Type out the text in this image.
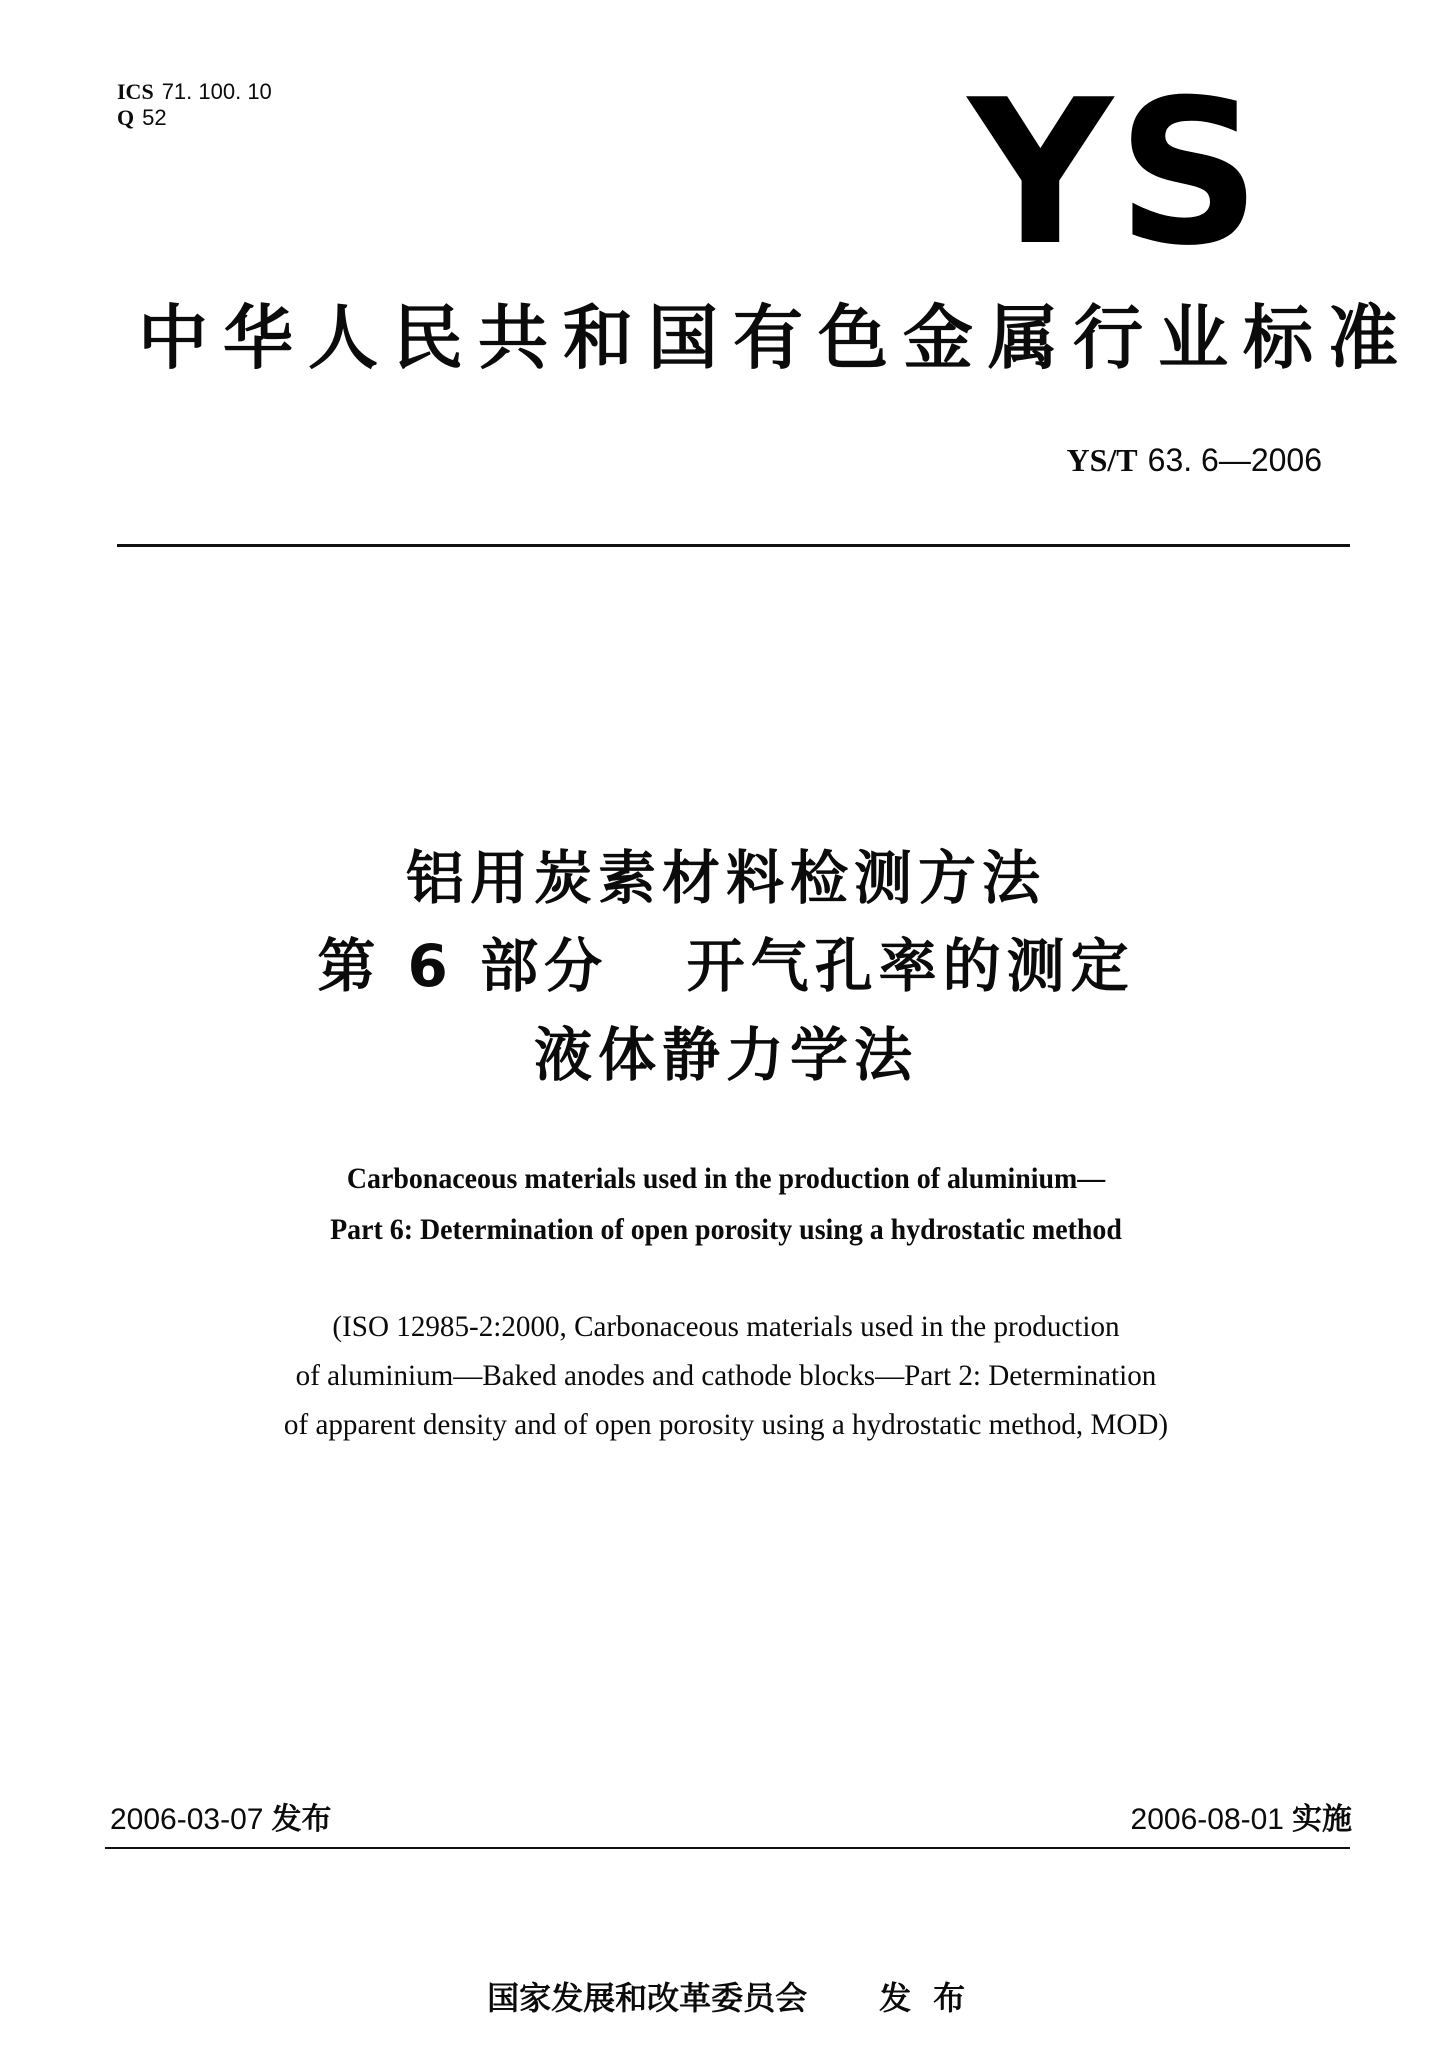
ICS 71. 100. 10
Q 52	YS
中华人民共和国有色金属行业标准
YS/T 63. 6—2006
铝用炭素材料检测方法
第 6 部分   开气孔率的测定
液体静力学法
Carbonaceous materials used in the production of aluminium—
Part 6: Determination of open porosity using a hydrostatic method
(ISO 12985-2:2000, Carbonaceous materials used in the production
of aluminium—Baked anodes and cathode blocks—Part 2: Determination
of apparent density and of open porosity using a hydrostatic method, MOD)
2006-03-07 发布	2006-08-01 实施

国家发展和改革委员会 发布
